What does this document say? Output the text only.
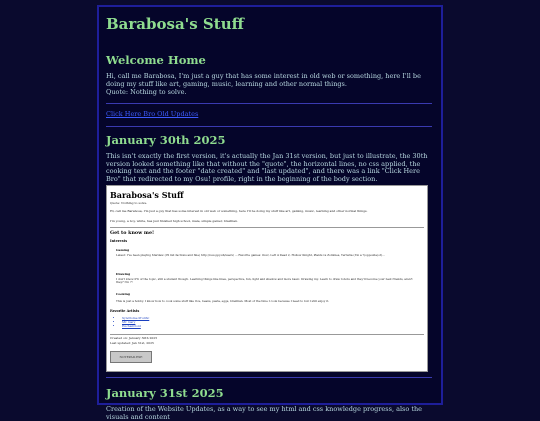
Barabosa's Stuff
Welcome Home

Hi, call me Barabosa, I'm just a guy that has some interest in old web or something, here I'll be doing my stuff like art, gaming, music, learning and other normal things.

Quote: Nothing to solve.

Click Here Bro Old Updates
January 30th 2025

This isn't exactly the first version, it's actually the Jan 31st version, but just to illustrate, the 30th version looked something like that without the "quote", the horizontal lines, no css applied, the cooking text and the footer "date created" and "last updated", and there was a link "Click Here Bro" that redirected to my Osu! profile, right in the beginning of the body section.

Barabosa's Stuff
Quote: Nothing to solve.
Hi, call me Barabosa, I'm just a guy that has some interest in old web or something, here I'll be doing my stuff like art, gaming, music, learning and other normal things.
I'm young, a boy, white, has just finished high school, male, simple gamer, brazilian.
Get to know me!
Interests
Gaming
Latest: I've been playing Stardew (I'll list factions and fine) http://osu.ppy.sh/users/ ... Favorite games: Osu!, Left 4 Dead 2, Hollow Knight, Plants vs Zombies, Terraria (I'm a ?(opposite)of)...
Drawing
I don't know 0% of the topic, still a student though. Learning things like lines, perspective, fun, light and shadow and more basic. Drawing my. Learn to draw robots and they'll become your best friends, aren't they? I'm ?!
Cooking
This is just a hobby. I know how to cook some stuff like rice, beans, pasta, eggs, brazilian. Most of the time I cook because I need to but I still enjoy it.
Favorite Artists
• Syndrome Prolific
• Mr. Gary
• Enchantroid
Created on: January 30th 2025
Last updated: Jan 31st, 2025
NOTEPAD.EXE
January 31st 2025

Creation of the Website Updates, as a way to see my html and css knowledge progress, also the visuals and content
